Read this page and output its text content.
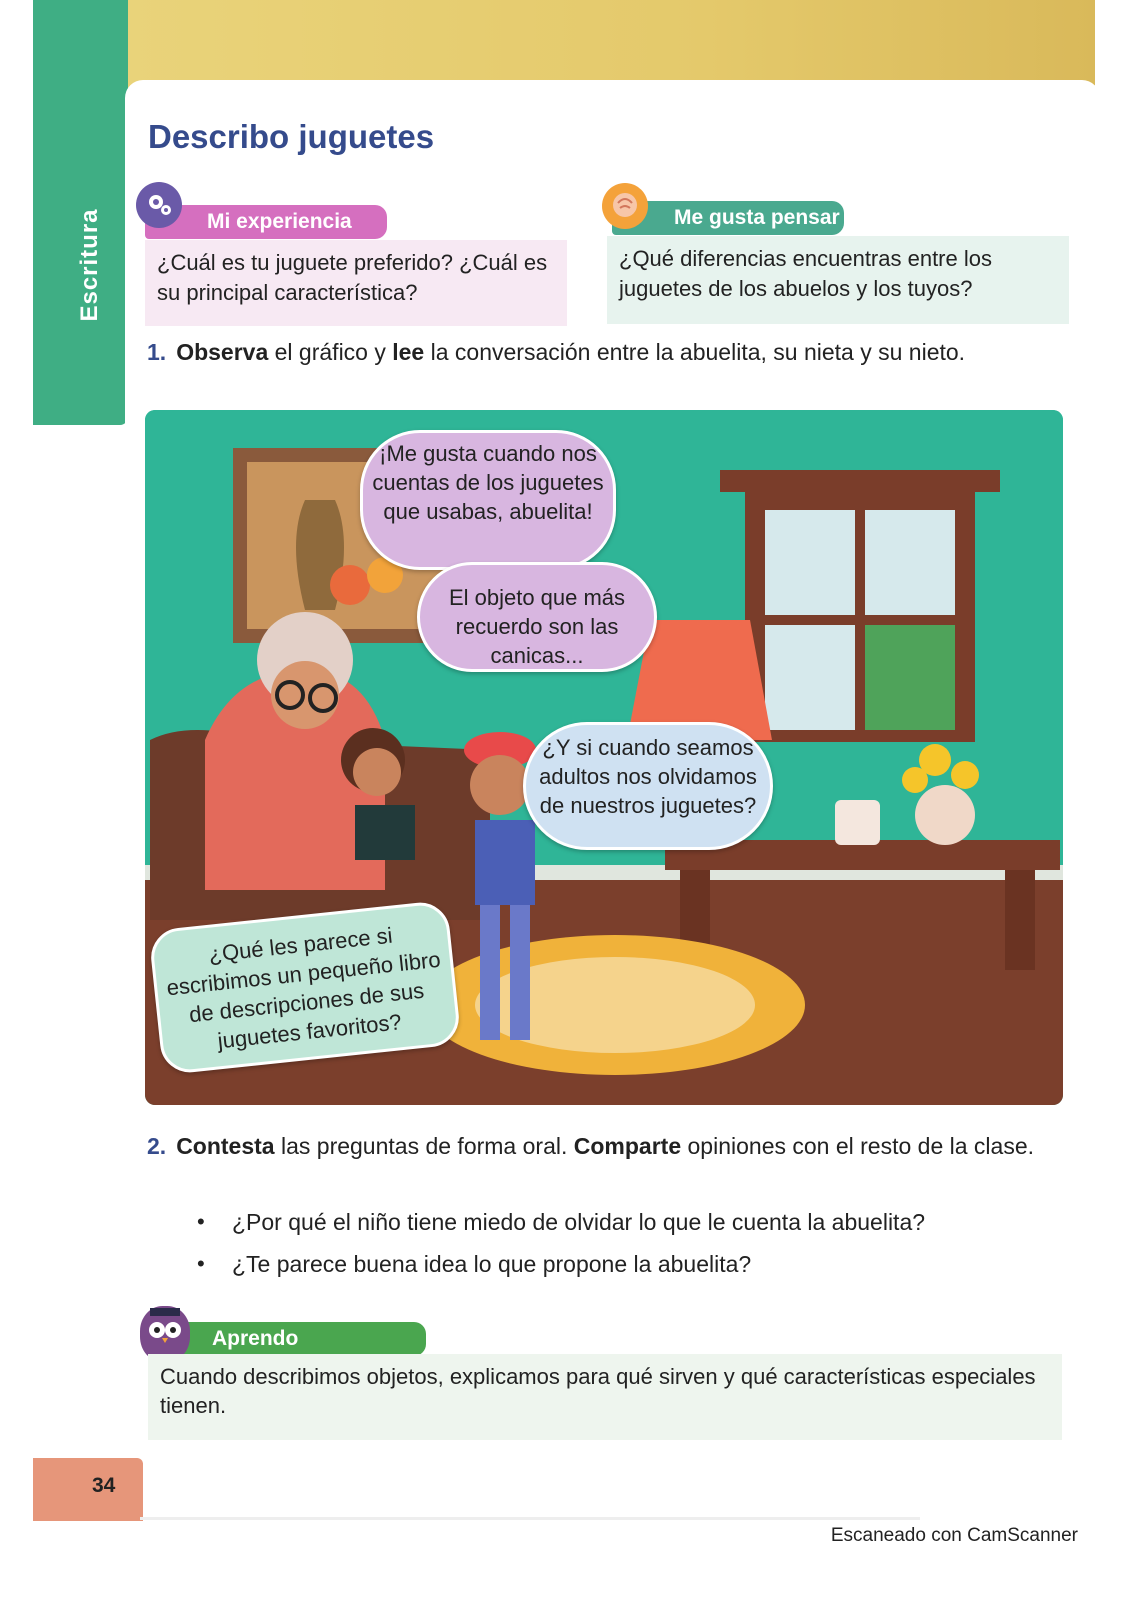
Escritura
Describo juguetes
Mi experiencia
¿Cuál es tu juguete preferido? ¿Cuál es su principal característica?
Me gusta pensar
¿Qué diferencias encuentras entre los juguetes de los abuelos y los tuyos?
1. Observa el gráfico y lee la conversación entre la abuelita, su nieta y su nieto.
¡Me gusta cuando nos cuentas de los juguetes que usabas, abuelita!
El objeto que más recuerdo son las canicas...
¿Y si cuando seamos adultos nos olvidamos de nuestros juguetes?
¿Qué les parece si escribimos un pequeño libro de descripciones de sus juguetes favoritos?
2. Contesta las preguntas de forma oral. Comparte opiniones con el resto de la clase.
• ¿Por qué el niño tiene miedo de olvidar lo que le cuenta la abuelita?
• ¿Te parece buena idea lo que propone la abuelita?
Aprendo
Cuando describimos objetos, explicamos para qué sirven y qué características especiales tienen.
34
Escaneado con CamScanner
